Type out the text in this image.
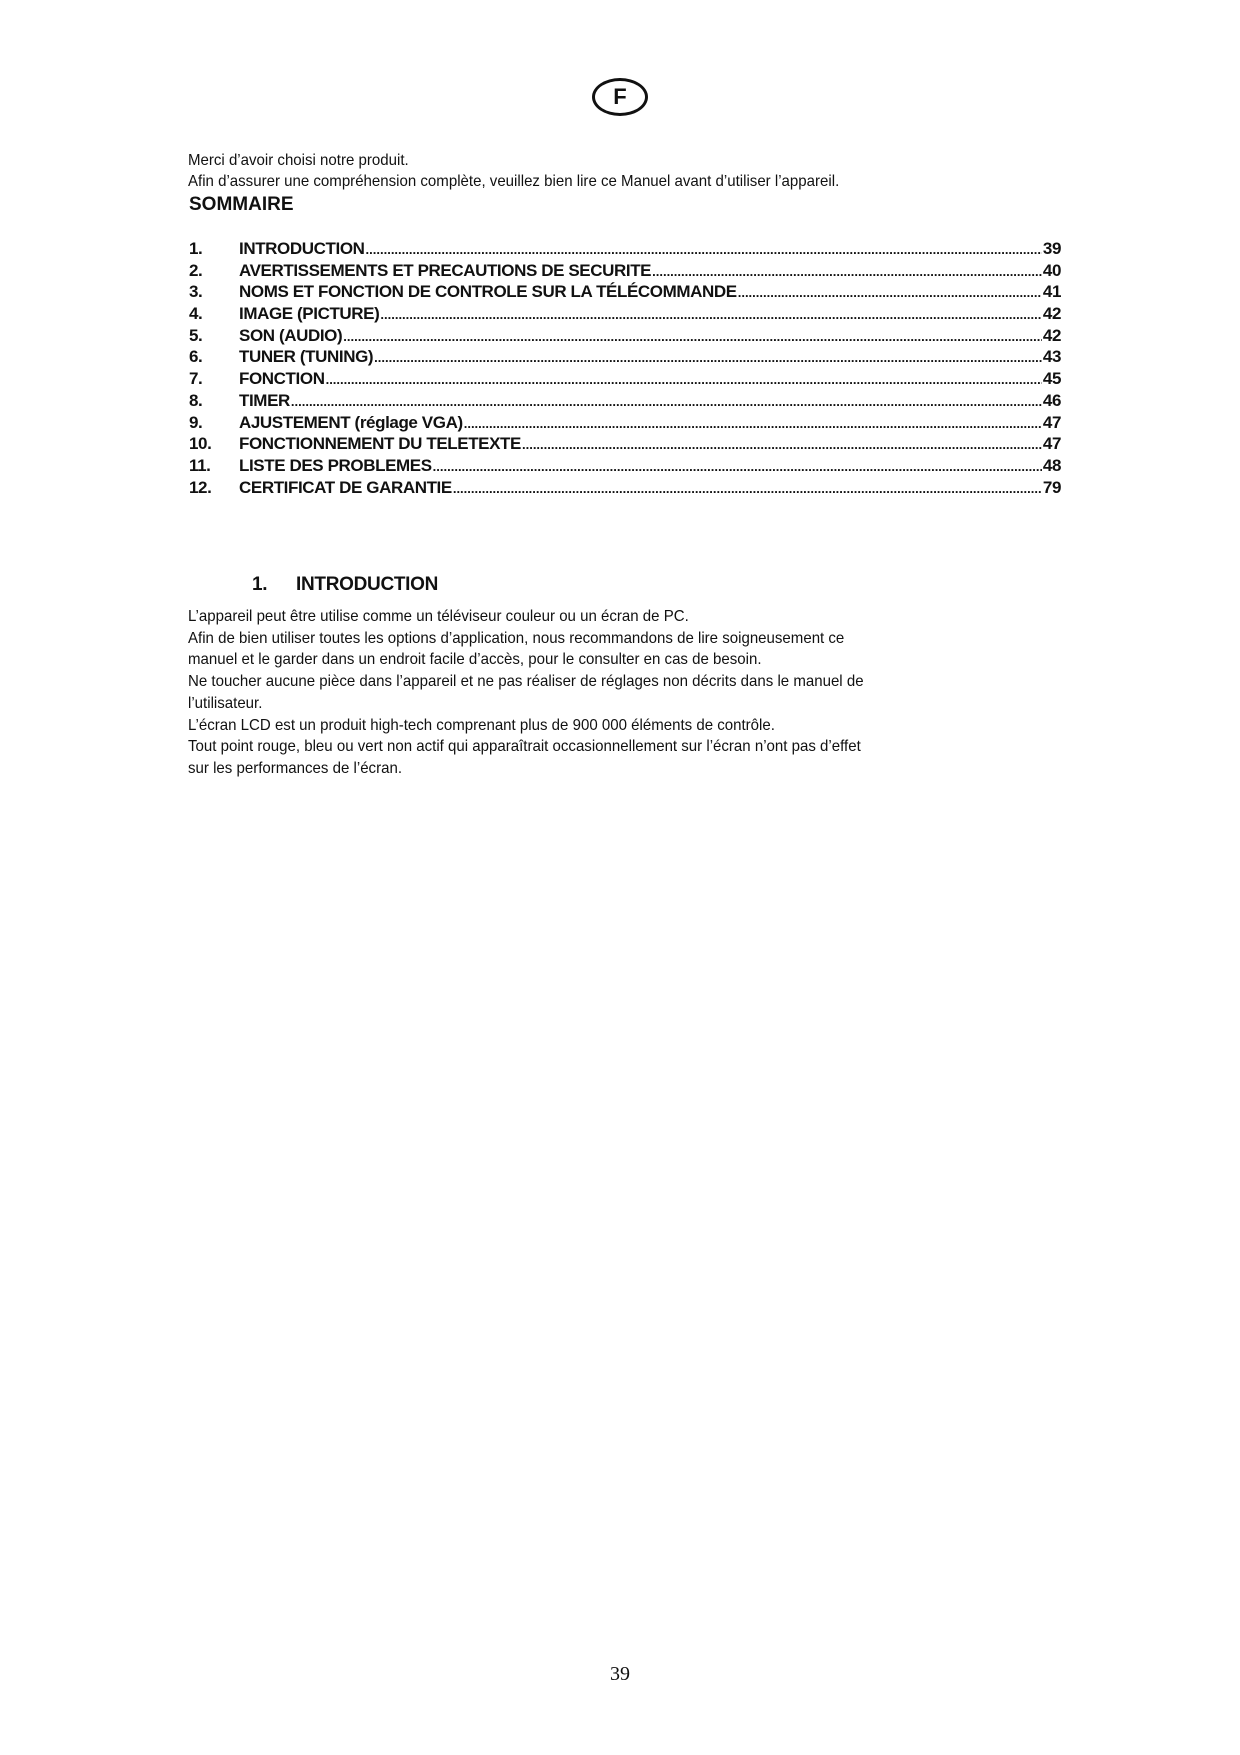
F
Merci d’avoir choisi notre produit.
Afin d’assurer une compréhension complète, veuillez bien lire ce Manuel avant d’utiliser l’appareil.
SOMMAIRE
1.	INTRODUCTION .....	39
2.	AVERTISSEMENTS ET PRECAUTIONS DE SECURITE .....	40
3.	NOMS ET FONCTION DE CONTROLE SUR LA TÉLÉCOMMANDE .....	41
4.	IMAGE (PICTURE) .....	42
5.	SON (AUDIO) .....	42
6.	TUNER (TUNING) .....	43
7.	FONCTION .....	45
8.	TIMER .....	46
9.	AJUSTEMENT (réglage VGA) .....	47
10.	FONCTIONNEMENT DU TELETEXTE .....	47
11.	LISTE DES PROBLEMES .....	48
12.	CERTIFICAT DE GARANTIE .....	79
1. INTRODUCTION
L’appareil peut être utilise comme un téléviseur couleur ou un écran de PC.
Afin de bien utiliser toutes les options d’application, nous recommandons de lire soigneusement ce
manuel et le garder dans un endroit facile d’accès, pour le consulter en cas de besoin.
Ne toucher aucune pièce dans l’appareil et ne pas réaliser de réglages non décrits dans le manuel de
l’utilisateur.
L’écran LCD est un produit high-tech comprenant plus de 900 000 éléments de contrôle.
Tout point rouge, bleu ou vert non actif qui apparaîtrait occasionnellement sur l’écran n’ont pas d’effet
sur les performances de l’écran.
39
